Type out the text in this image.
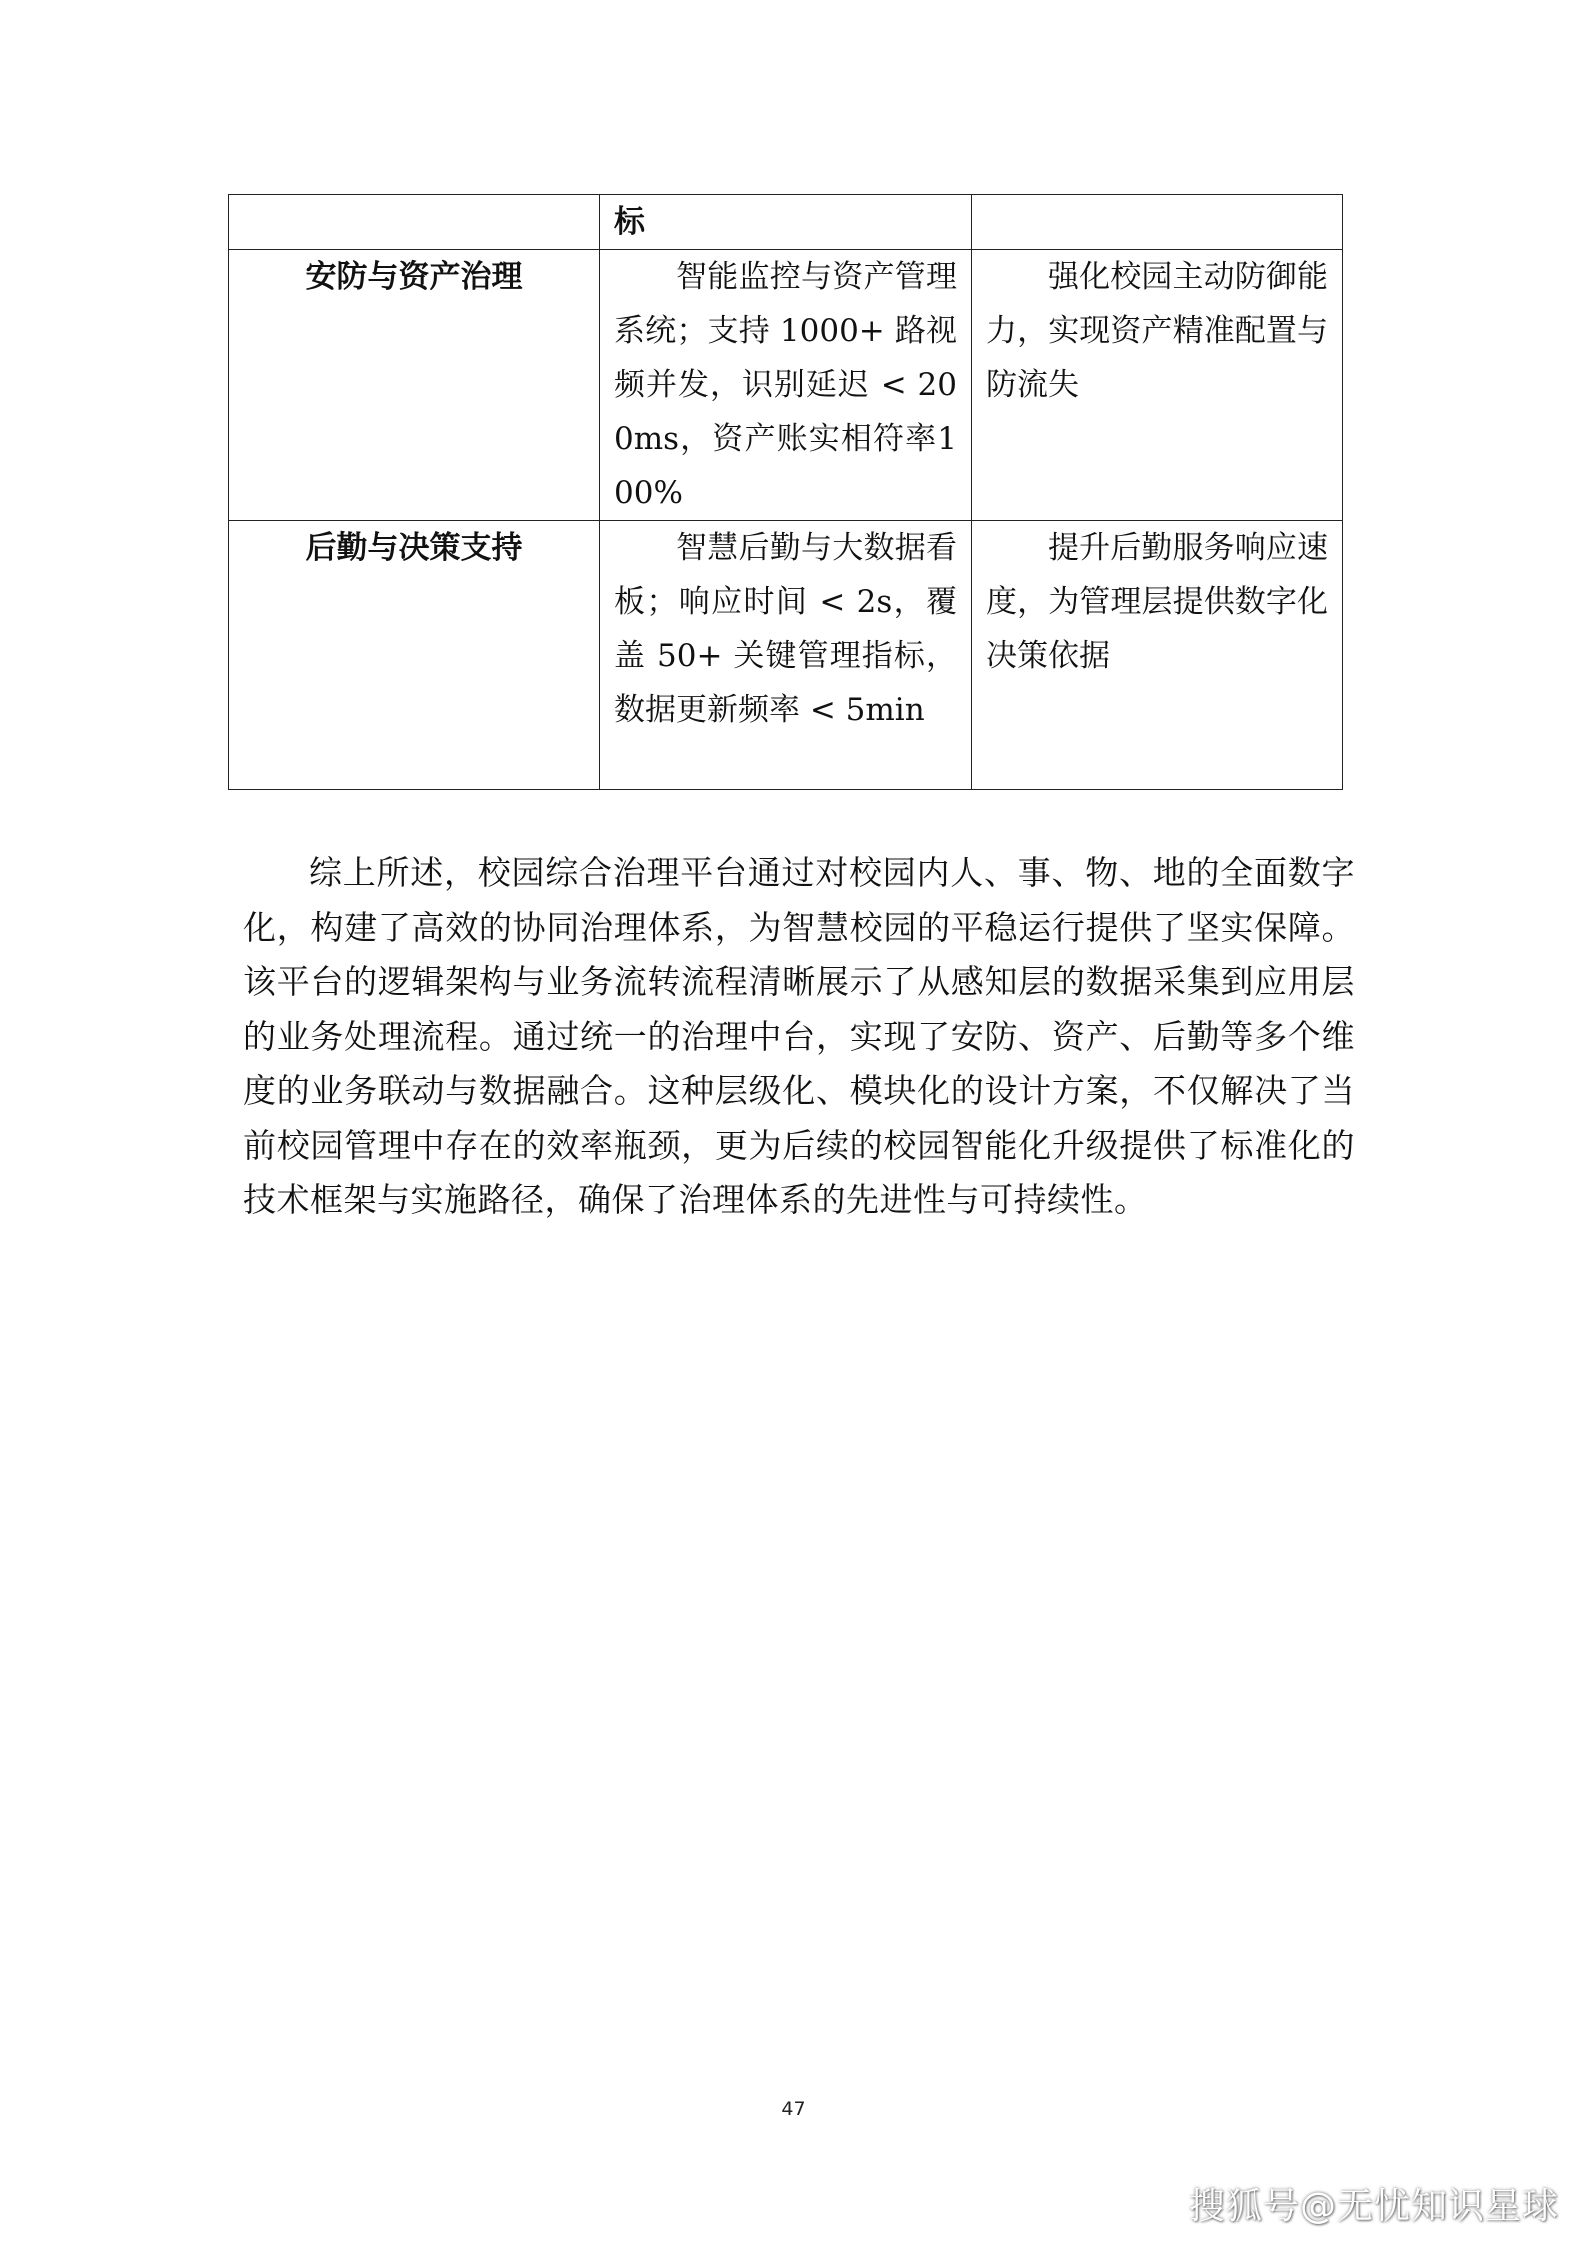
	标	
安防与资产治理	智能监控与资产管理系统；支持 1000+ 路视频并发，识别延迟 < 200ms，资产账实相符率100%	强化校园主动防御能力，实现资产精准配置与防流失
后勤与决策支持	智慧后勤与大数据看板；响应时间 < 2s，覆盖 50+ 关键管理指标，数据更新频率 < 5min	提升后勤服务响应速度，为管理层提供数字化决策依据

综上所述，校园综合治理平台通过对校园内人、事、物、地的全面数字化，构建了高效的协同治理体系，为智慧校园的平稳运行提供了坚实保障。该平台的逻辑架构与业务流转流程清晰展示了从感知层的数据采集到应用层的业务处理流程。通过统一的治理中台，实现了安防、资产、后勤等多个维度的业务联动与数据融合。这种层级化、模块化的设计方案，不仅解决了当前校园管理中存在的效率瓶颈，更为后续的校园智能化升级提供了标准化的技术框架与实施路径，确保了治理体系的先进性与可持续性。

47
搜狐号@无忧知识星球
